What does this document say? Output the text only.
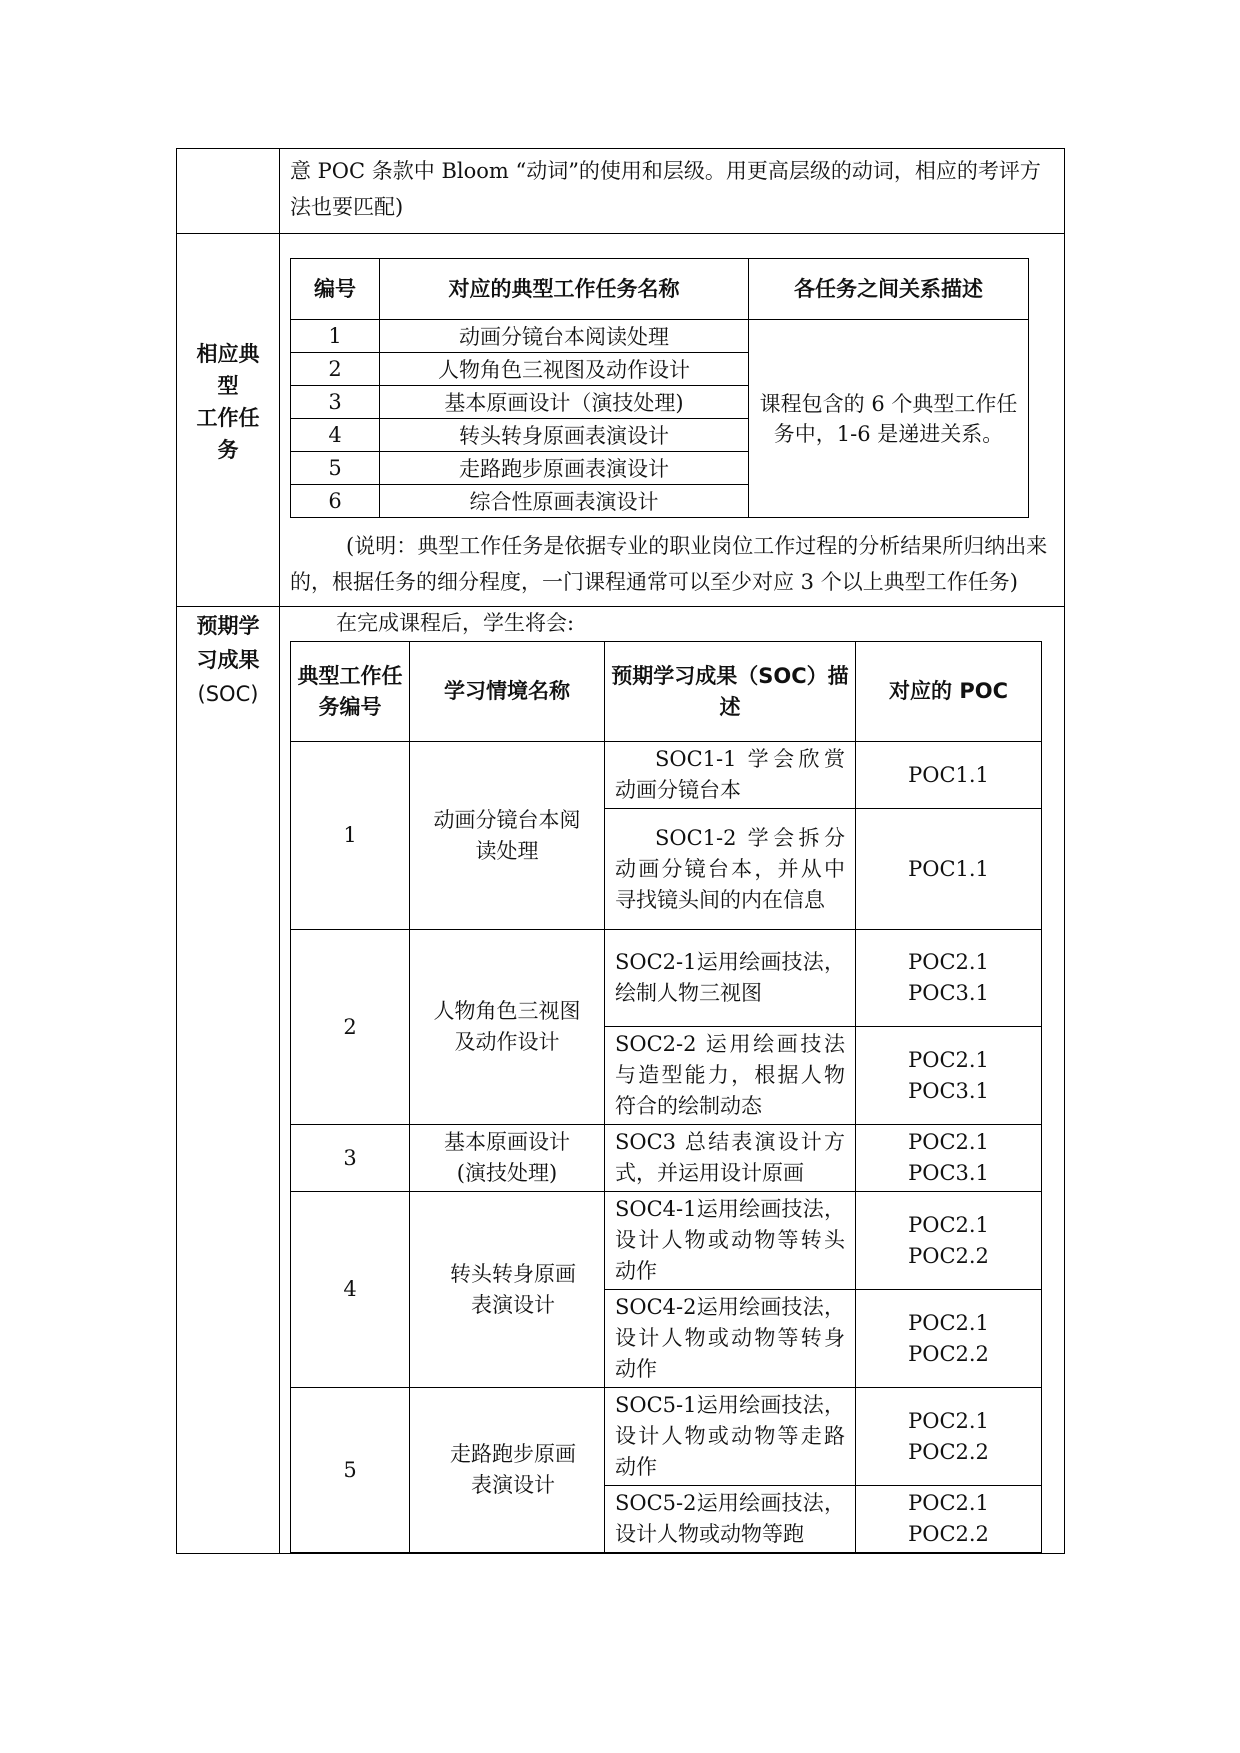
意 POC 条款中 Bloom “动词”的使用和层级。用更高层级的动词，相应的考评方法也要匹配)

相应典
型
工作任
务

编号	对应的典型工作任务名称	各任务之间关系描述
1	动画分镜台本阅读处理	课程包含的 6 个典型工作任务中，1-6 是递进关系。
2	人物角色三视图及动作设计
3	基本原画设计（演技处理)
4	转头转身原画表演设计
5	走路跑步原画表演设计
6	综合性原画表演设计

(说明：典型工作任务是依据专业的职业岗位工作过程的分析结果所归纳出来的，根据任务的细分程度，一门课程通常可以至少对应 3 个以上典型工作任务)

预期学
习成果
(SOC)

在完成课程后，学生将会:

典型工作任务编号	学习情境名称	预期学习成果（SOC）描述	对应的 POC
1	动画分镜台本阅读处理	SOC1-1 学会欣赏动画分镜台本	
POC1.1

SOC1-2 学会拆分动画分镜台本，并从中寻找镜头间的内在信息	
POC1.1

2	人物角色三视图及动作设计	SOC2-1运用绘画技法，绘制人物三视图	
POC2.1
POC3.1

SOC2-2 运用绘画技法与造型能力，根据人物符合的绘制动态	
POC2.1
POC3.1

3	基本原画设计(演技处理)	SOC3 总结表演设计方式，并运用设计原画	
POC2.1
POC3.1

4	转头转身原画表演设计	SOC4-1运用绘画技法，设计人物或动物等转头动作	
POC2.1
POC2.2

SOC4-2运用绘画技法，设计人物或动物等转身动作	
POC2.1
POC2.2

5	走路跑步原画表演设计	SOC5-1运用绘画技法，设计人物或动物等走路动作	
POC2.1
POC2.2

SOC5-2运用绘画技法，设计人物或动物等跑	
POC2.1
POC2.2
